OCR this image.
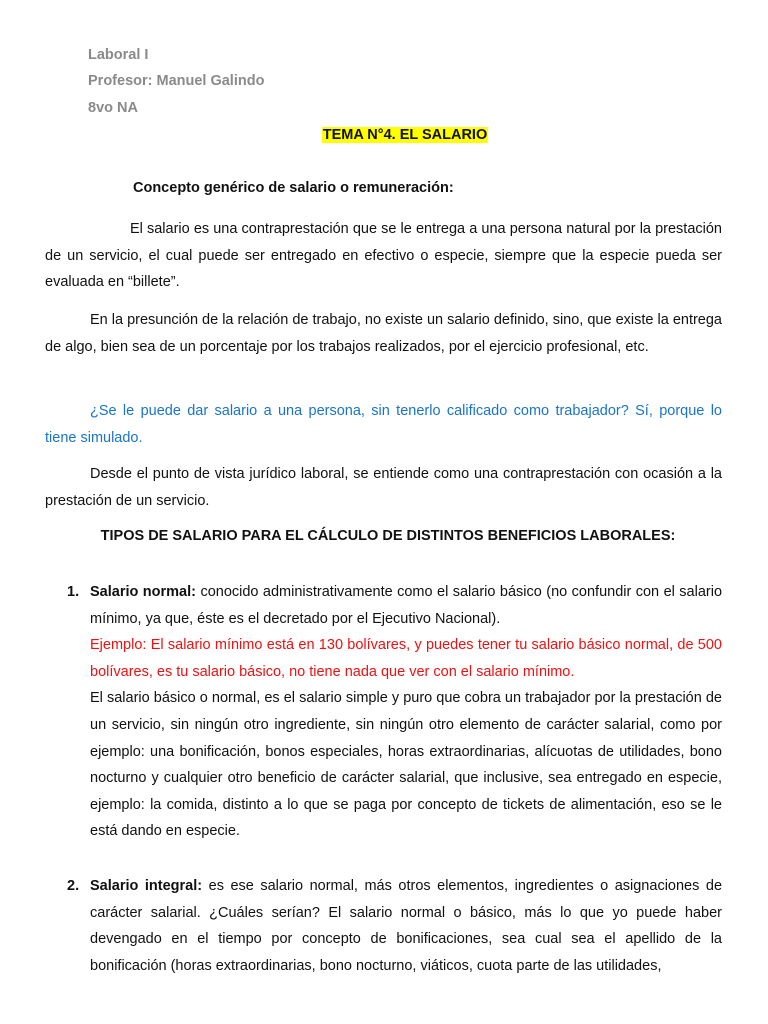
Laboral I
Profesor: Manuel Galindo
8vo NA
TEMA N°4. EL SALARIO
Concepto genérico de salario o remuneración:
El salario es una contraprestación que se le entrega a una persona natural por la prestación de un servicio, el cual puede ser entregado en efectivo o especie, siempre que la especie pueda ser evaluada en “billete”.
En la presunción de la relación de trabajo, no existe un salario definido, sino, que existe la entrega de algo, bien sea de un porcentaje por los trabajos realizados, por el ejercicio profesional, etc.
¿Se le puede dar salario a una persona, sin tenerlo calificado como trabajador? Sí, porque lo tiene simulado.
Desde el punto de vista jurídico laboral, se entiende como una contraprestación con ocasión a la prestación de un servicio.
TIPOS DE SALARIO PARA EL CÁLCULO DE DISTINTOS BENEFICIOS LABORALES:
1. Salario normal: conocido administrativamente como el salario básico (no confundir con el salario mínimo, ya que, éste es el decretado por el Ejecutivo Nacional).

Ejemplo: El salario mínimo está en 130 bolívares, y puedes tener tu salario básico normal, de 500 bolívares, es tu salario básico, no tiene nada que ver con el salario mínimo.

El salario básico o normal, es el salario simple y puro que cobra un trabajador por la prestación de un servicio, sin ningún otro ingrediente, sin ningún otro elemento de carácter salarial, como por ejemplo: una bonificación, bonos especiales, horas extraordinarias, alícuotas de utilidades, bono nocturno y cualquier otro beneficio de carácter salarial, que inclusive, sea entregado en especie, ejemplo: la comida, distinto a lo que se paga por concepto de tickets de alimentación, eso se le está dando en especie.

2. Salario integral: es ese salario normal, más otros elementos, ingredientes o asignaciones de carácter salarial. ¿Cuáles serían? El salario normal o básico, más lo que yo puede haber devengado en el tiempo por concepto de bonificaciones, sea cual sea el apellido de la bonificación (horas extraordinarias, bono nocturno, viáticos, cuota parte de las utilidades,
